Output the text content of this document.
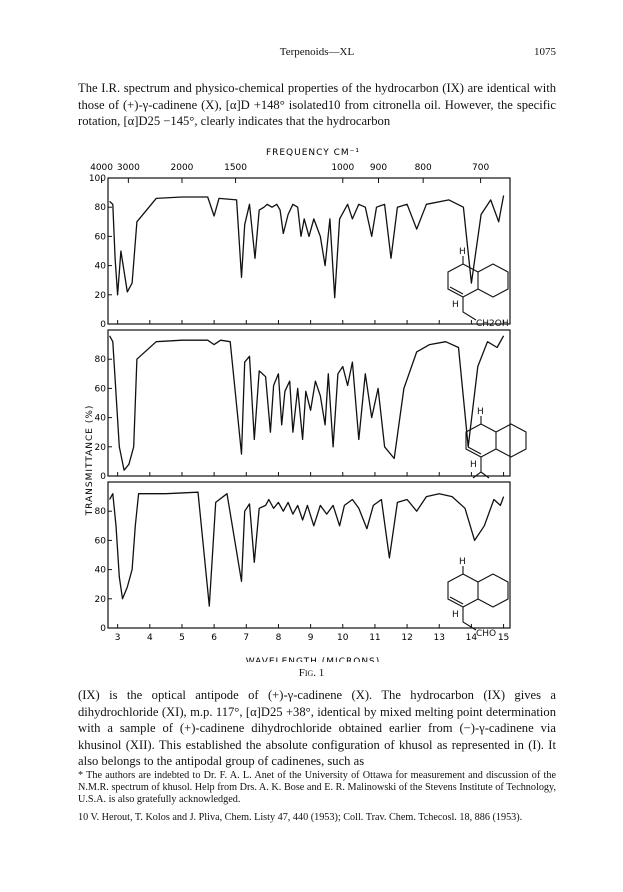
Terpenoids—XL	1075

The I.R. spectrum and physico-chemical properties of the hydrocarbon (IX) are identical with those of (+)-γ-cadinene (X), [α]D +148° isolated10 from citronella oil. However, the specific rotation, [α]D25 −145°, clearly indicates that the hydrocarbon

FREQUENCY CM⁻¹
4000 3000	2000	1500	1000 900	800	700
TRANSMITTANCE (%)
100
80
60
40
20
0
80
60
40
20
0
80
60
40
20
0
3	4	5	6	7	8	9	10 11 12 13 14 15
WAVELENGTH (MICRONS)
H
H
CH2OH
H
H
H
H
CHO
Fig. 1

(IX) is the optical antipode of (+)-γ-cadinene (X). The hydrocarbon (IX) gives a dihydrochloride (XI), m.p. 117°, [α]D25 +38°, identical by mixed melting point determination with a sample of (+)-cadinene dihydrochloride obtained earlier from (−)-γ-cadinene via khusinol (XII). This established the absolute configuration of khusol as represented in (I). It also belongs to the antipodal group of cadinenes, such as

* The authors are indebted to Dr. F. A. L. Anet of the University of Ottawa for measurement and discussion of the N.M.R. spectrum of khusol. Help from Drs. A. K. Bose and E. R. Malinowski of the Stevens Institute of Technology, U.S.A. is also gratefully acknowledged.

10 V. Herout, T. Kolos and J. Pliva, Chem. Listy 47, 440 (1953); Coll. Trav. Chem. Tchecosl. 18, 886 (1953).
